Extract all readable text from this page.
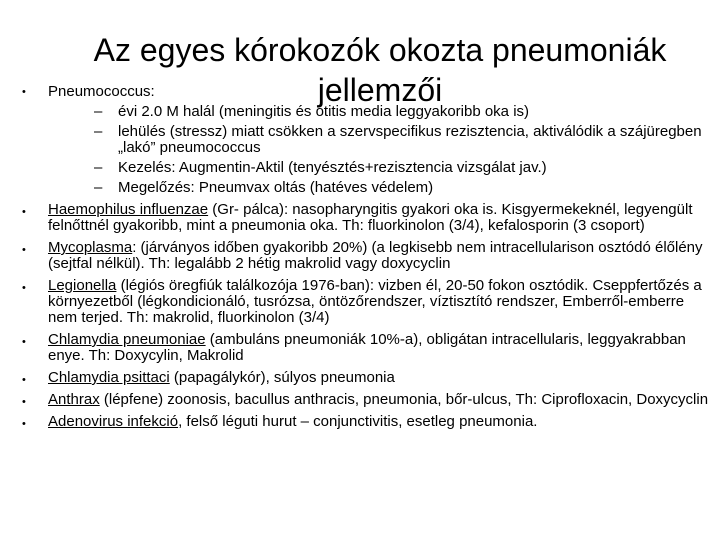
Az egyes kórokozók okozta pneumoniák jellemzői
•	Pneumococcus:
– évi 2.0 M halál (meningitis és otitis media leggyakoribb oka is)
– lehülés (stressz) miatt csökken a szervspecifikus rezisztencia, aktiválódik a szájüregben „lakó” pneumococcus
– Kezelés: Augmentin-Aktil (tenyésztés+rezisztencia vizsgálat jav.)
– Megelőzés: Pneumvax oltás (hatéves védelem)
•	Haemophilus influenzae (Gr- pálca): nasopharyngitis gyakori oka is. Kisgyermekeknél, legyengült felnőttnél gyakoribb, mint a pneumonia oka. Th: fluorkinolon (3/4), kefalosporin (3 csoport)
•	Mycoplasma: (járványos időben gyakoribb 20%) (a legkisebb nem intracellularison osztódó élőlény (sejtfal nélkül). Th: legalább 2 hétig makrolid vagy doxycyclin
•	Legionella (légiós öregfiúk találkozója 1976-ban): vizben él, 20-50 fokon osztódik. Cseppfertőzés a környezetből (légkondicionáló, tusrózsa, öntözőrendszer, víztisztító rendszer, Emberről-emberre nem terjed. Th: makrolid, fluorkinolon (3/4)
•	Chlamydia pneumoniae (ambuláns pneumoniák 10%-a), obligátan intracellularis, leggyakrabban enye. Th: Doxycylin, Makrolid
•	Chlamydia psittaci (papagálykór), súlyos pneumonia
•	Anthrax (lépfene) zoonosis, bacullus anthracis, pneumonia, bőr-ulcus, Th: Ciprofloxacin, Doxycyclin
•	Adenovirus infekció, felső léguti hurut – conjunctivitis, esetleg pneumonia.
